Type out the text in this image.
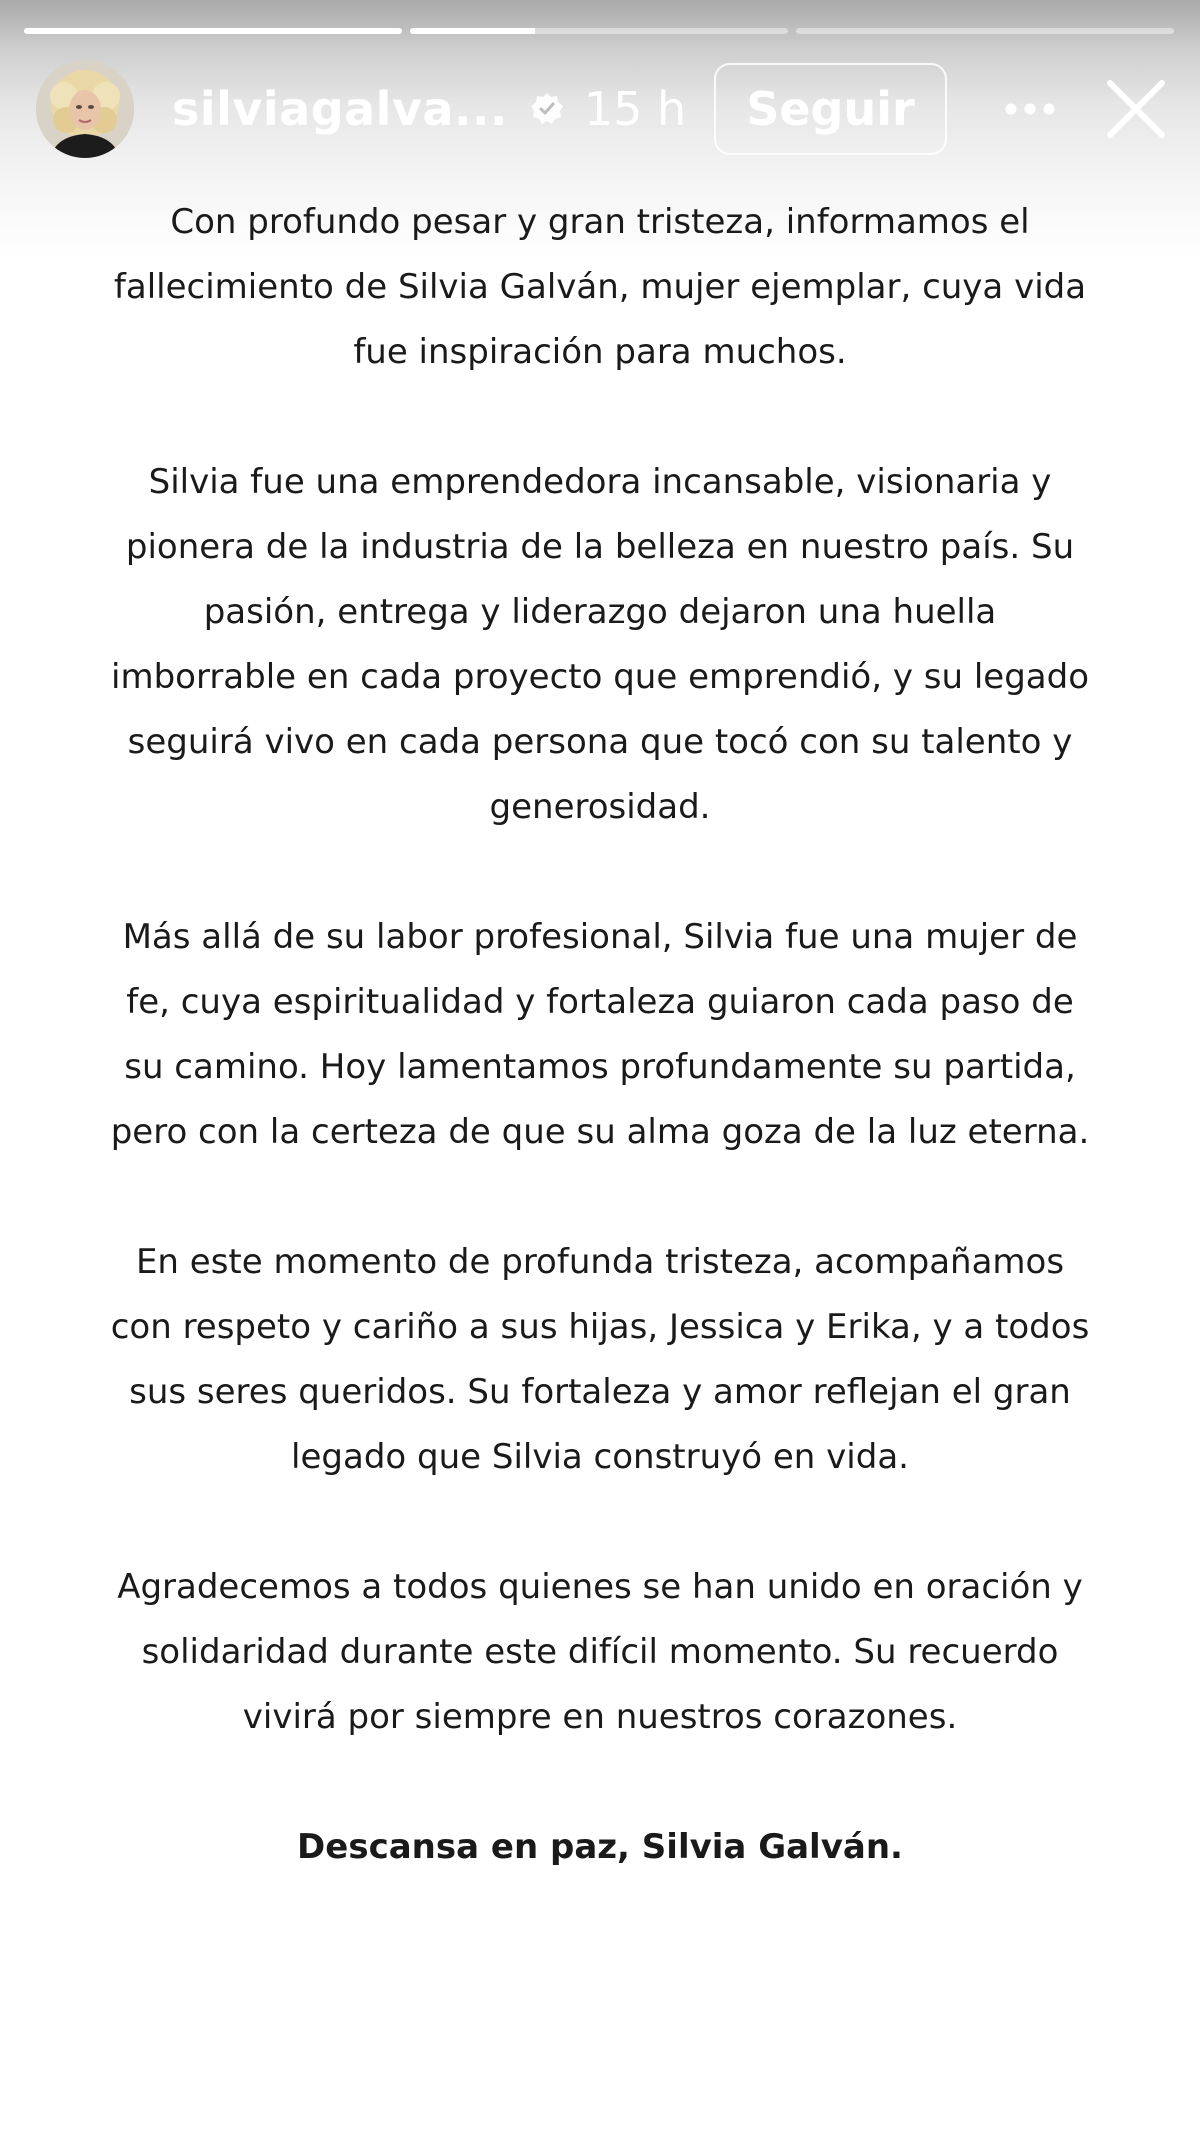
silviagalva... 15 h	Seguir

Con profundo pesar y gran tristeza, informamos el fallecimiento de Silvia Galván, mujer ejemplar, cuya vida fue inspiración para muchos.

Silvia fue una emprendedora incansable, visionaria y pionera de la industria de la belleza en nuestro país. Su pasión, entrega y liderazgo dejaron una huella imborrable en cada proyecto que emprendió, y su legado seguirá vivo en cada persona que tocó con su talento y generosidad.

Más allá de su labor profesional, Silvia fue una mujer de fe, cuya espiritualidad y fortaleza guiaron cada paso de su camino. Hoy lamentamos profundamente su partida, pero con la certeza de que su alma goza de la luz eterna.

En este momento de profunda tristeza, acompañamos con respeto y cariño a sus hijas, Jessica y Erika, y a todos sus seres queridos. Su fortaleza y amor reflejan el gran legado que Silvia construyó en vida.

Agradecemos a todos quienes se han unido en oración y solidaridad durante este difícil momento. Su recuerdo vivirá por siempre en nuestros corazones.

Descansa en paz, Silvia Galván.
